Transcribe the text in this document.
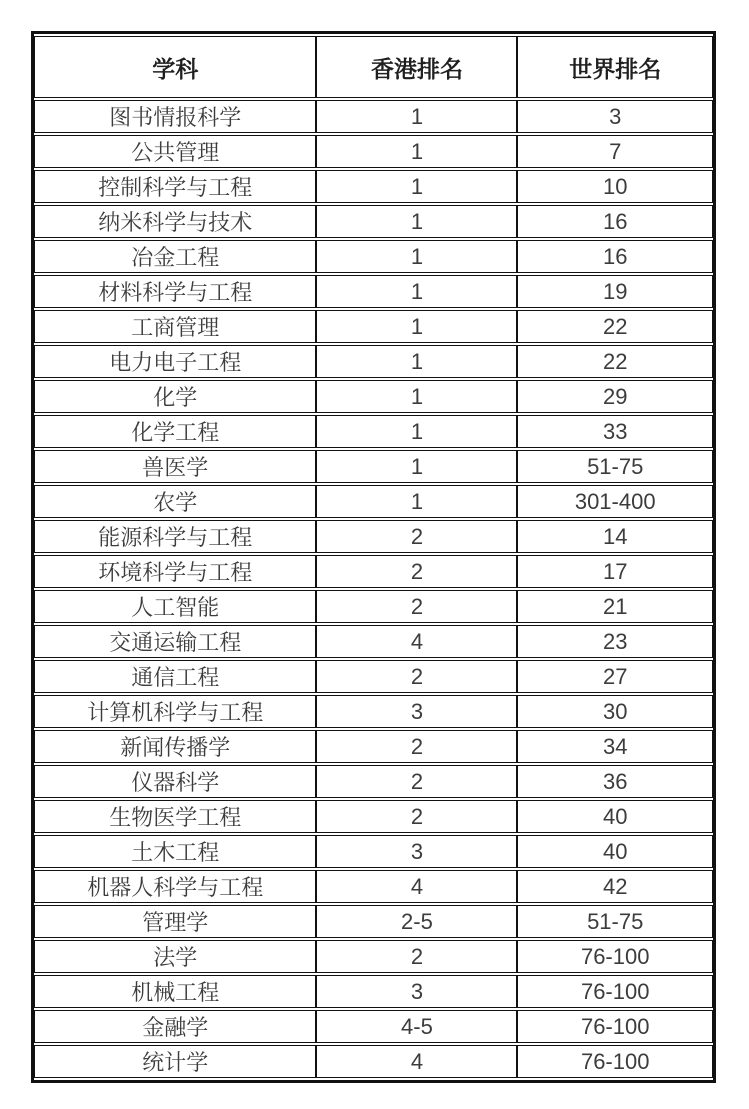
学科	香港排名	世界排名
图书情报科学	1	3
公共管理	1	7
控制科学与工程	1	10
纳米科学与技术	1	16
冶金工程	1	16
材料科学与工程	1	19
工商管理	1	22
电力电子工程	1	22
化学	1	29
化学工程	1	33
兽医学	1	51-75
农学	1	301-400
能源科学与工程	2	14
环境科学与工程	2	17
人工智能	2	21
交通运输工程	4	23
通信工程	2	27
计算机科学与工程	3	30
新闻传播学	2	34
仪器科学	2	36
生物医学工程	2	40
土木工程	3	40
机器人科学与工程	4	42
管理学	2-5	51-75
法学	2	76-100
机械工程	3	76-100
金融学	4-5	76-100
统计学	4	76-100
